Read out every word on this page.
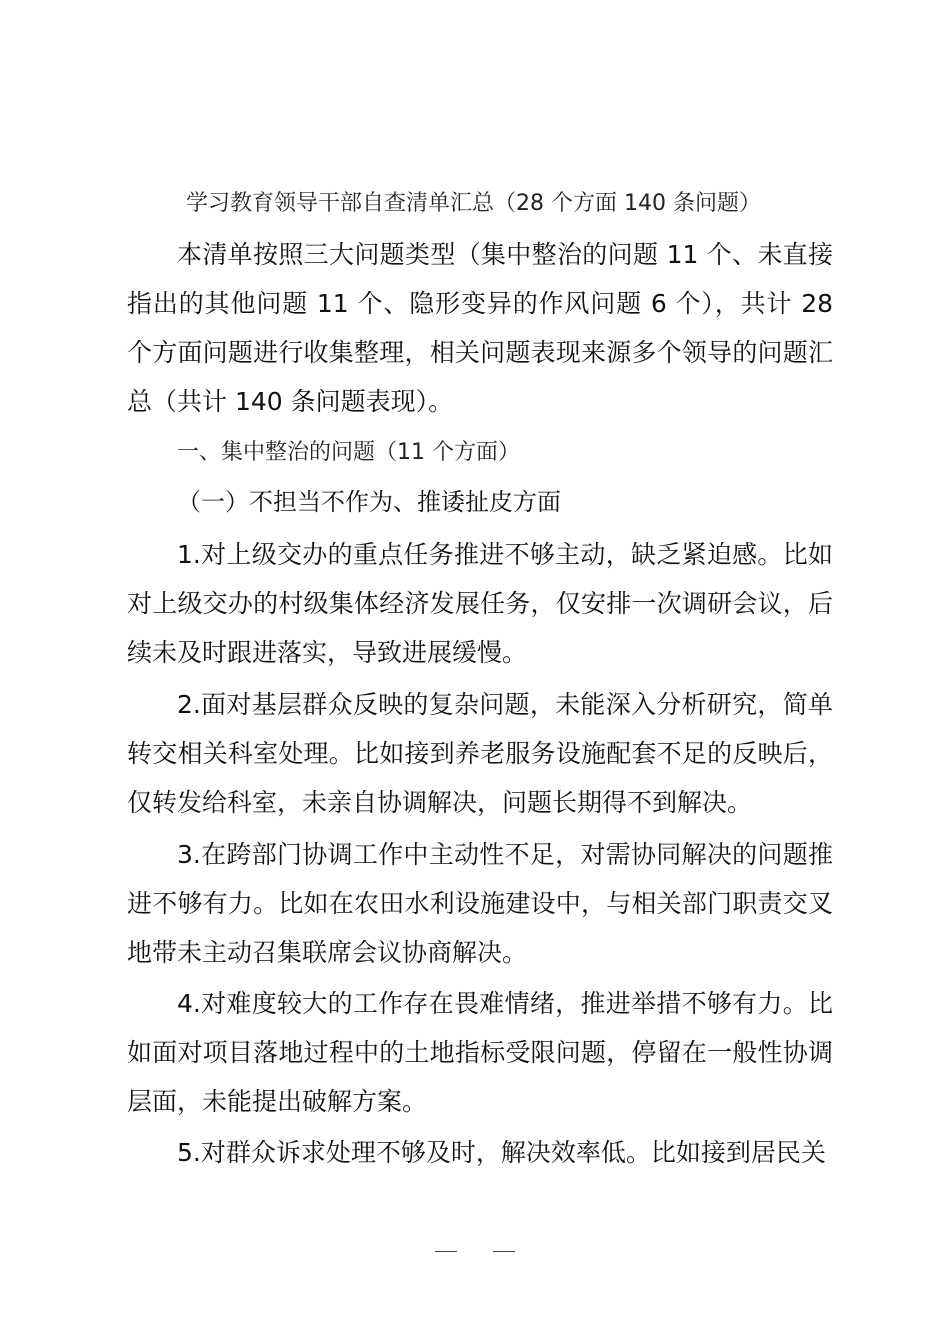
学习教育领导干部自查清单汇总（28 个方面 140 条问题）

本清单按照三大问题类型（集中整治的问题 11 个、未直接指出的其他问题 11 个、隐形变异的作风问题 6 个），共计 28 个方面问题进行收集整理，相关问题表现来源多个领导的问题汇总（共计 140 条问题表现）。

一、集中整治的问题（11 个方面）
（一）不担当不作为、推诿扯皮方面

1.对上级交办的重点任务推进不够主动，缺乏紧迫感。比如对上级交办的村级集体经济发展任务，仅安排一次调研会议，后续未及时跟进落实，导致进展缓慢。

2.面对基层群众反映的复杂问题，未能深入分析研究，简单转交相关科室处理。比如接到养老服务设施配套不足的反映后，仅转发给科室，未亲自协调解决，问题长期得不到解决。

3.在跨部门协调工作中主动性不足，对需协同解决的问题推进不够有力。比如在农田水利设施建设中，与相关部门职责交叉地带未主动召集联席会议协商解决。

4.对难度较大的工作存在畏难情绪，推进举措不够有力。比如面对项目落地过程中的土地指标受限问题，停留在一般性协调层面，未能提出破解方案。

5.对群众诉求处理不够及时，解决效率低。比如接到居民关
